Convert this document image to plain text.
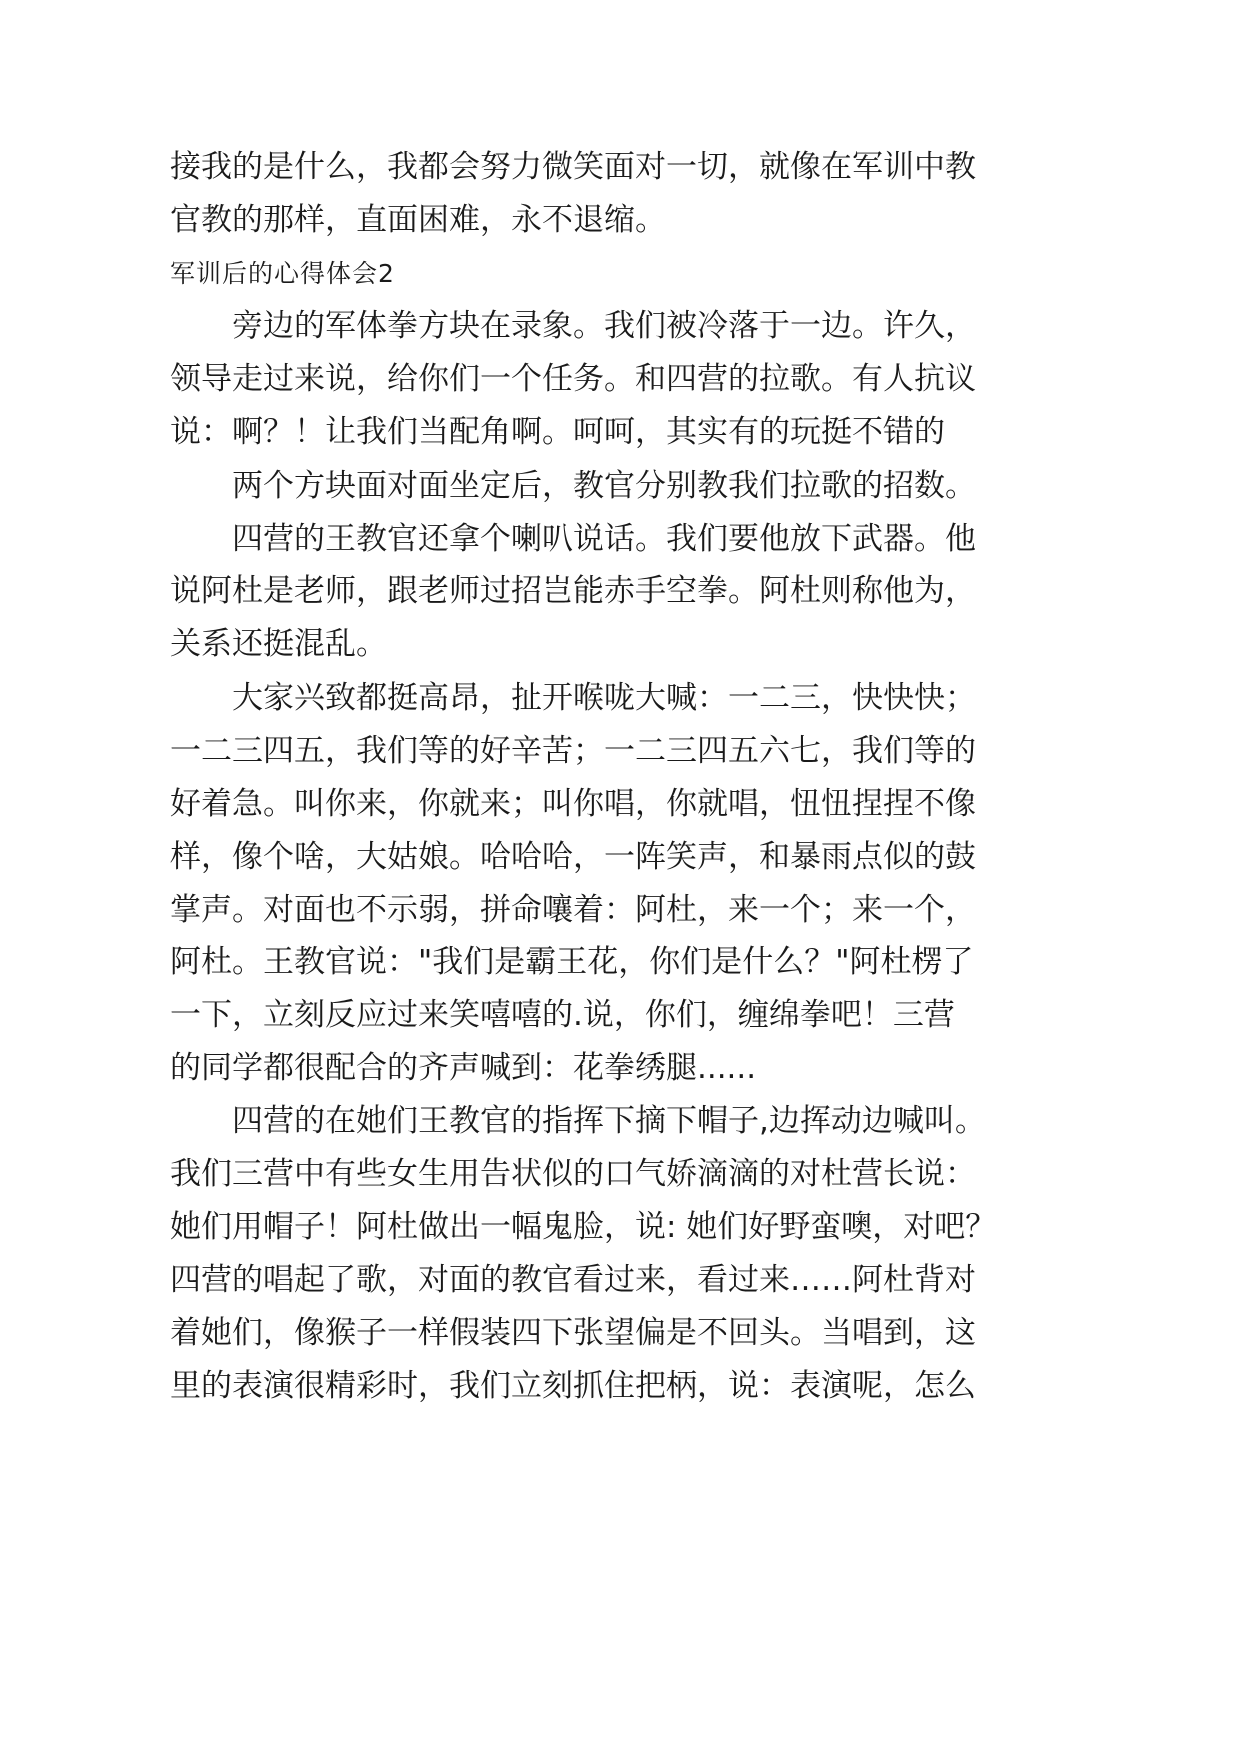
接我的是什么，我都会努力微笑面对一切，就像在军训中教
官教的那样，直面困难，永不退缩。
军训后的心得体会2
旁边的军体拳方块在录象。我们被冷落于一边。许久，
领导走过来说，给你们一个任务。和四营的拉歌。有人抗议
说：啊？！让我们当配角啊。呵呵，其实有的玩挺不错的
两个方块面对面坐定后，教官分别教我们拉歌的招数。
四营的王教官还拿个喇叭说话。我们要他放下武器。他
说阿杜是老师，跟老师过招岂能赤手空拳。阿杜则称他为，
关系还挺混乱。
大家兴致都挺高昂，扯开喉咙大喊：一二三，快快快；
一二三四五，我们等的好辛苦；一二三四五六七，我们等的
好着急。叫你来，你就来；叫你唱，你就唱，忸忸捏捏不像
样，像个啥，大姑娘。哈哈哈，一阵笑声，和暴雨点似的鼓
掌声。对面也不示弱，拼命嚷着：阿杜，来一个；来一个，
阿杜。王教官说："我们是霸王花，你们是什么？"阿杜楞了
一下，立刻反应过来笑嘻嘻的.说，你们，缠绵拳吧！三营
的同学都很配合的齐声喊到：花拳绣腿......
四营的在她们王教官的指挥下摘下帽子,边挥动边喊叫。
我们三营中有些女生用告状似的口气娇滴滴的对杜营长说：
她们用帽子！阿杜做出一幅鬼脸，说: 她们好野蛮噢，对吧？
四营的唱起了歌，对面的教官看过来，看过来……阿杜背对
着她们，像猴子一样假装四下张望偏是不回头。当唱到，这
里的表演很精彩时，我们立刻抓住把柄，说：表演呢，怎么
